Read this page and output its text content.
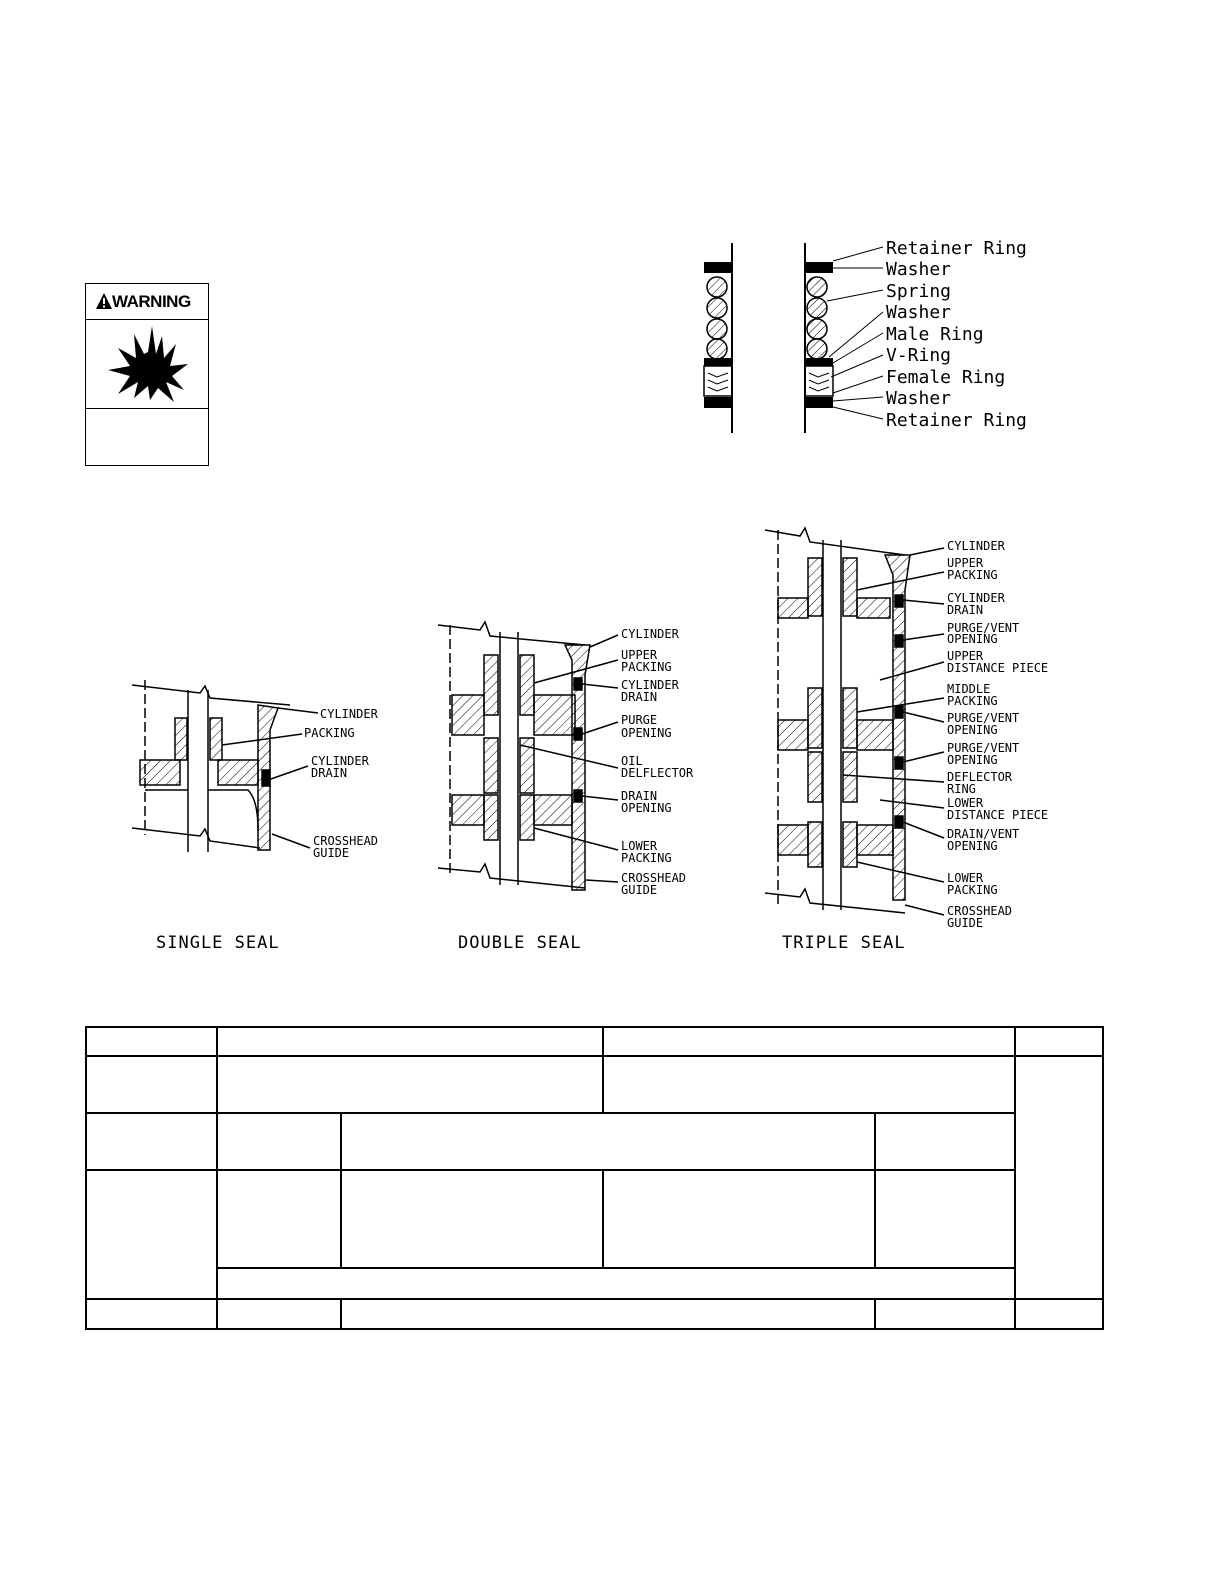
WARNING
Retainer Ring
Washer
Spring
Washer
Male Ring
V-Ring
Female Ring
Washer
Retainer Ring
CYLINDER
PACKING
CYLINDER
DRAIN
CROSSHEAD
GUIDE
SINGLE SEAL
CYLINDER
UPPER
PACKING
CYLINDER
DRAIN
PURGE
OPENING
OIL
DELFLECTOR
DRAIN
OPENING
LOWER
PACKING
CROSSHEAD
GUIDE
DOUBLE SEAL
CYLINDER
UPPER
PACKING
CYLINDER
DRAIN
PURGE/VENT
OPENING
UPPER
DISTANCE PIECE
MIDDLE
PACKING
PURGE/VENT
OPENING
PURGE/VENT
OPENING
DEFLECTOR
RING
LOWER
DISTANCE PIECE
DRAIN/VENT
OPENING
LOWER
PACKING
CROSSHEAD
GUIDE
TRIPLE SEAL
